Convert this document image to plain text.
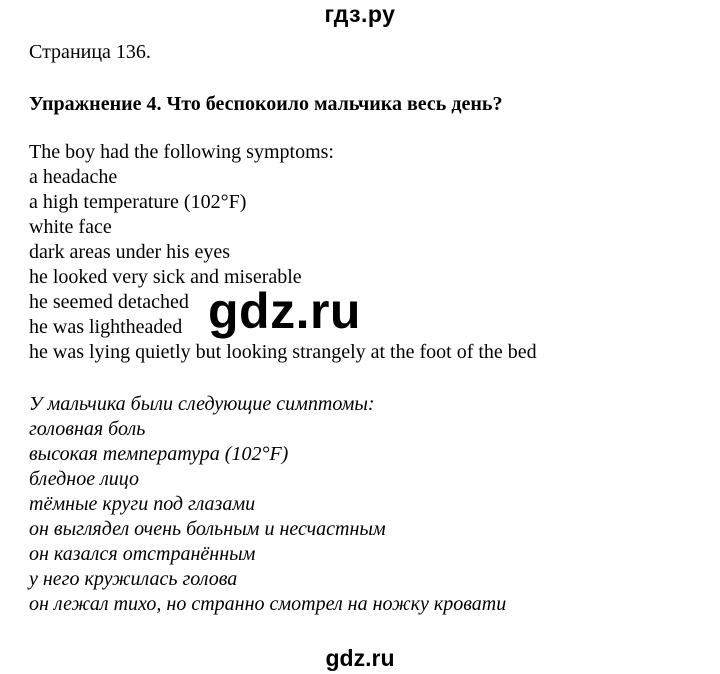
гдз.ру
Страница 136.
Упражнение 4. Что беспокоило мальчика весь день?
The boy had the following symptoms:
a headache
a high temperature (102°F)
white face
dark areas under his eyes
he looked very sick and miserable
he seemed detached
he was lightheaded
he was lying quietly but looking strangely at the foot of the bed
gdz.ru
У мальчика были следующие симптомы:
головная боль
высокая температура (102°F)
бледное лицо
тёмные круги под глазами
он выглядел очень больным и несчастным
он казался отстранённым
у него кружилась голова
он лежал тихо, но странно смотрел на ножку кровати
gdz.ru
